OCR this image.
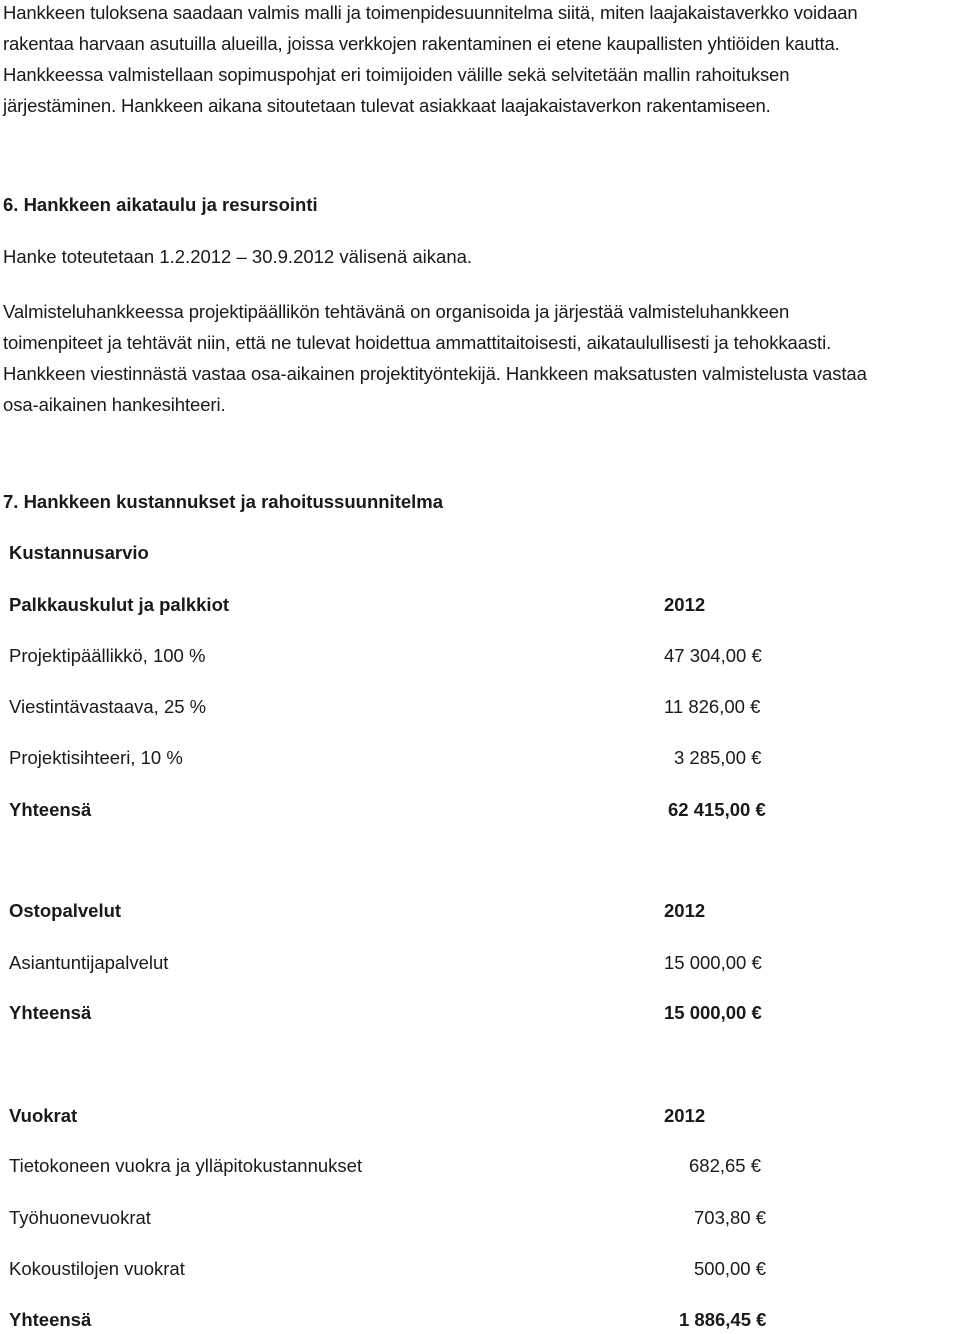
Hankkeen tuloksena saadaan valmis malli ja toimenpidesuunnitelma siitä, miten laajakaistaverkko voidaan
rakentaa harvaan asutuilla alueilla, joissa verkkojen rakentaminen ei etene kaupallisten yhtiöiden kautta.
Hankkeessa valmistellaan sopimuspohjat eri toimijoiden välille sekä selvitetään mallin rahoituksen
järjestäminen. Hankkeen aikana sitoutetaan tulevat asiakkaat laajakaistaverkon rakentamiseen.
6. Hankkeen aikataulu ja resursointi
Hanke toteutetaan 1.2.2012 – 30.9.2012 välisenä aikana.
Valmisteluhankkeessa projektipäällikön tehtävänä on organisoida ja järjestää valmisteluhankkeen
toimenpiteet ja tehtävät niin, että ne tulevat hoidettua ammattitaitoisesti, aikataulullisesti ja tehokkaasti.
Hankkeen viestinnästä vastaa osa-aikainen projektityöntekijä. Hankkeen maksatusten valmistelusta vastaa
osa-aikainen hankesihteeri.
7. Hankkeen kustannukset ja rahoitussuunnitelma
Kustannusarvio
Palkkauskulut ja palkkiot	2012
Projektipäällikkö, 100 %	47 304,00 €
Viestintävastaava, 25 %	11 826,00 €
Projektisihteeri, 10 %	3 285,00 €
Yhteensä	62 415,00 €
Ostopalvelut	2012
Asiantuntijapalvelut	15 000,00 €
Yhteensä	15 000,00 €
Vuokrat	2012
Tietokoneen vuokra ja ylläpitokustannukset	682,65 €
Työhuonevuokrat	703,80 €
Kokoustilojen vuokrat	500,00 €
Yhteensä	1 886,45 €
